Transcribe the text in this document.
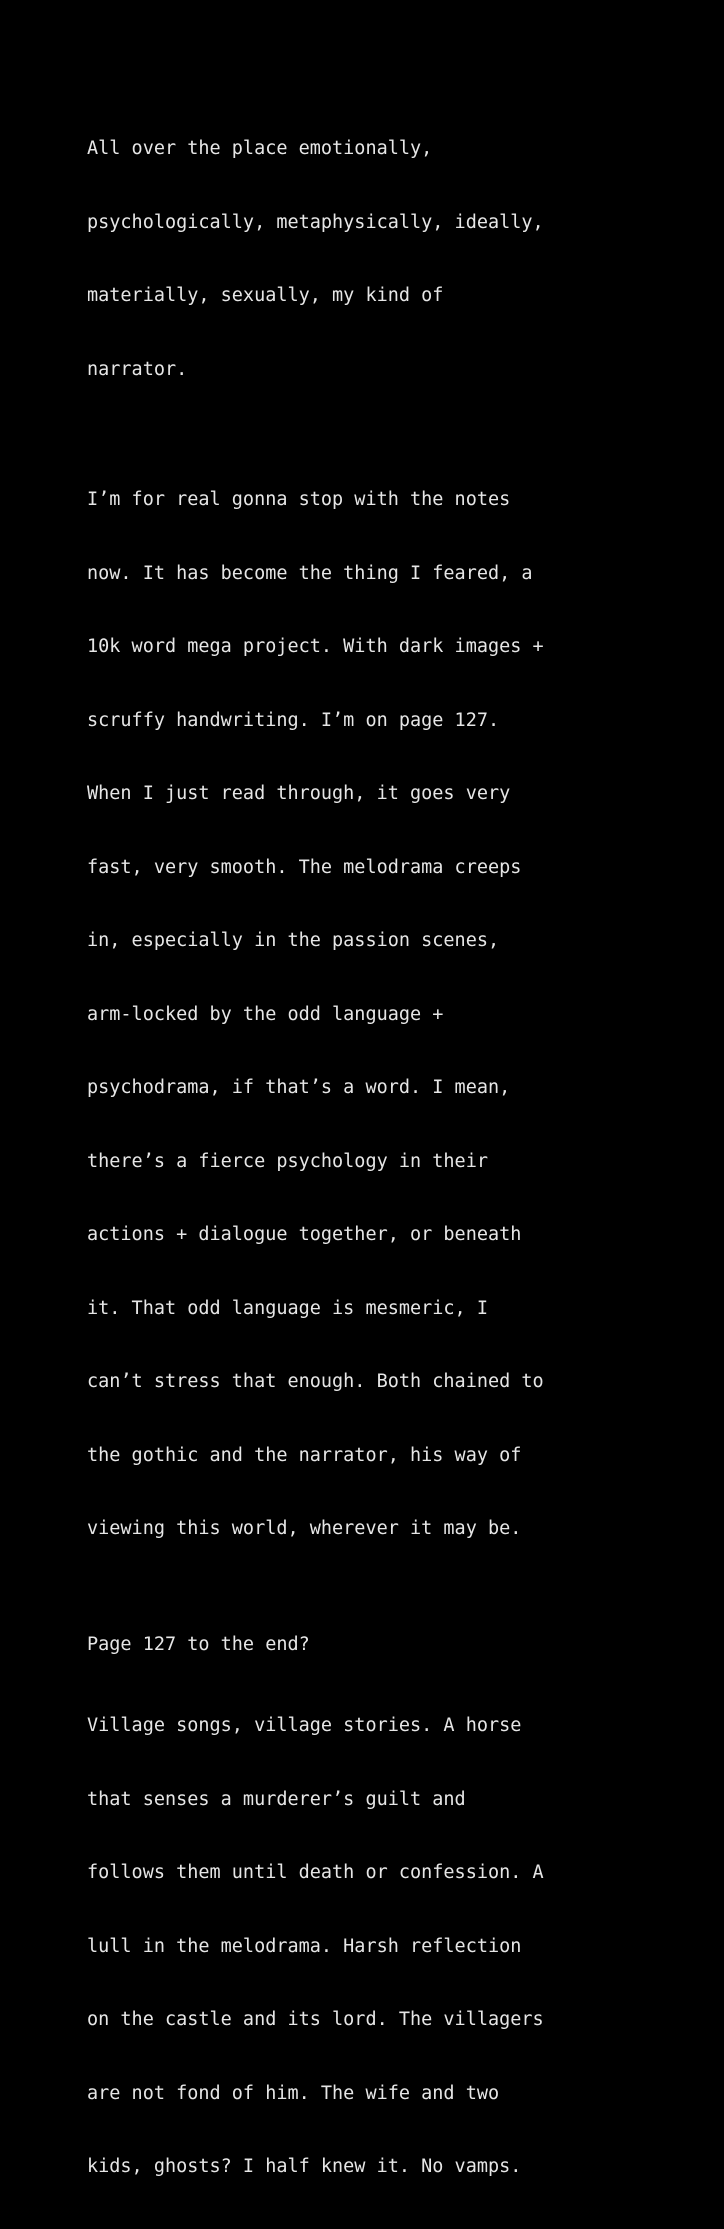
All over the place emotionally,

psychologically, metaphysically, ideally,

materially, sexually, my kind of

narrator.

I’m for real gonna stop with the notes

now. It has become the thing I feared, a

10k word mega project. With dark images +

scruffy handwriting. I’m on page 127.

When I just read through, it goes very

fast, very smooth. The melodrama creeps

in, especially in the passion scenes,

arm-locked by the odd language +

psychodrama, if that’s a word. I mean,

there’s a fierce psychology in their

actions + dialogue together, or beneath

it. That odd language is mesmeric, I

can’t stress that enough. Both chained to

the gothic and the narrator, his way of

viewing this world, wherever it may be.

Page 127 to the end?

Village songs, village stories. A horse

that senses a murderer’s guilt and

follows them until death or confession. A

lull in the melodrama. Harsh reflection

on the castle and its lord. The villagers

are not fond of him. The wife and two

kids, ghosts? I half knew it. No vamps.
